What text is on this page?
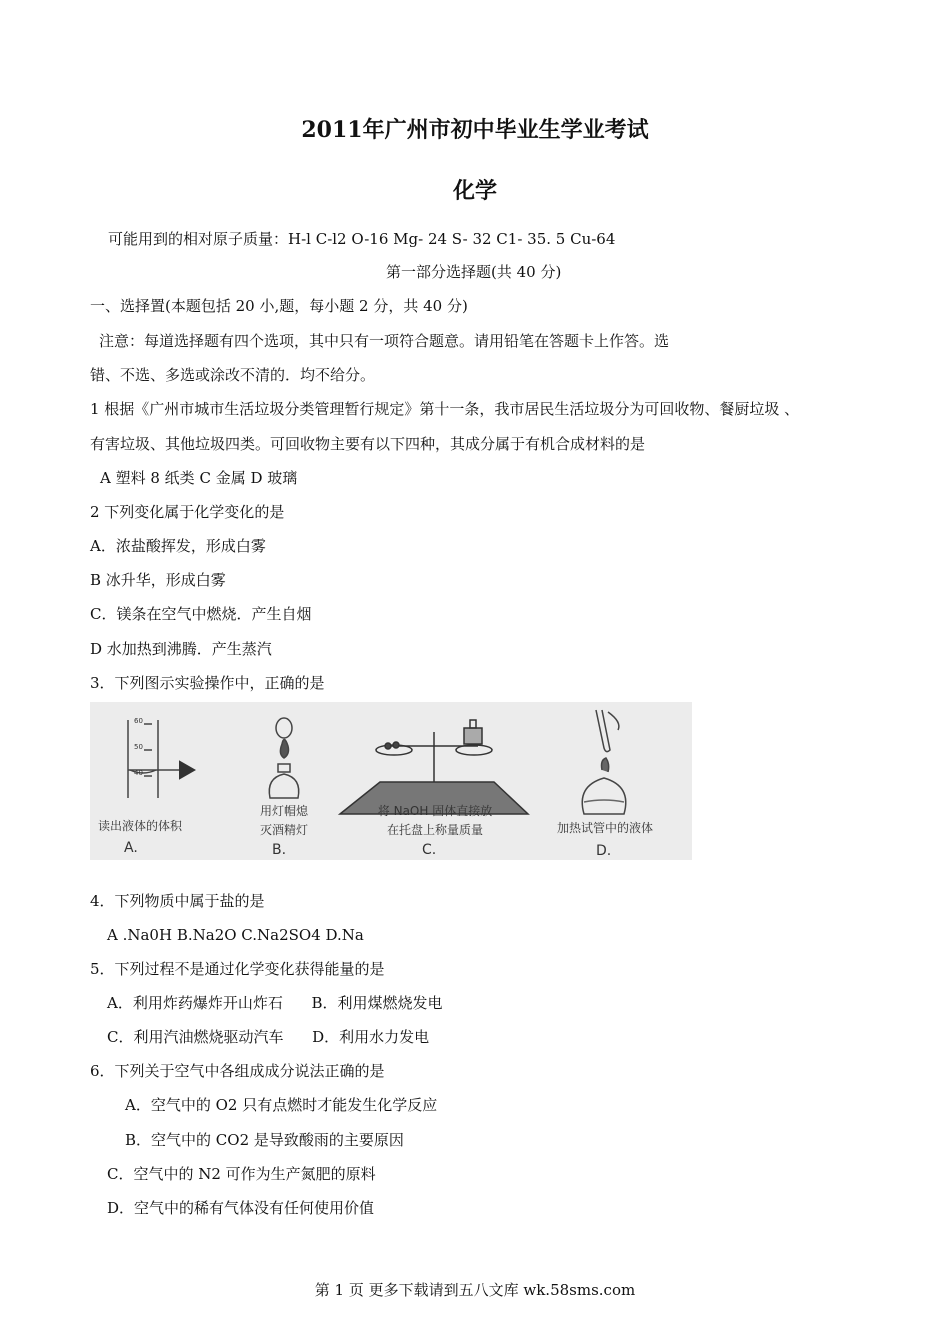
2011年广州市初中毕业生学业考试
化学
可能用到的相对原子质量：H-l C-l2 O-16 Mg- 24 S- 32 C1- 35. 5 Cu-64
第一部分选择题(共 40 分)
一、选择置(本题包括 20 小,题，每小题 2 分，共 40 分)
注意：每道选择题有四个选项，其中只有一项符合题意。请用铅笔在答题卡上作答。选
错、不选、多选或涂改不清的．均不给分。
1 根据《广州市城市生活垃圾分类管理暂行规定》第十一条，我市居民生活垃圾分为可回收物、餐厨垃圾 、
有害垃圾、其他垃圾四类。可回收物主要有以下四种，其成分属于有机合成材料的是
A 塑料 8 纸类 C 金属 D 玻璃
2 下列变化属于化学变化的是
A．浓盐酸挥发，形成白雾
B 冰升华，形成白雾
C．镁条在空气中燃烧．产生自烟
D 水加热到沸腾．产生蒸汽
3．下列图示实验操作中，正确的是
60
50
40
读出液体的体积
A.
用灯帽熄
灭酒精灯
B.
将 NaOH 固体直接放
在托盘上称量质量
C.
加热试管中的液体
D.
4．下列物质中属于盐的是
A .Na0H B.Na2O C.Na2SO4 D.Na
5．下列过程不是通过化学变化获得能量的是
A．利用炸药爆炸开山炸石      B．利用煤燃烧发电
C．利用汽油燃烧驱动汽车      D．利用水力发电
6．下列关于空气中各组成成分说法正确的是
A．空气中的 O2 只有点燃时才能发生化学反应
B．空气中的 CO2 是导致酸雨的主要原因
C．空气中的 N2 可作为生产氮肥的原料
D．空气中的稀有气体没有任何使用价值
第 1 页 更多下载请到五八文库 wk.58sms.com
